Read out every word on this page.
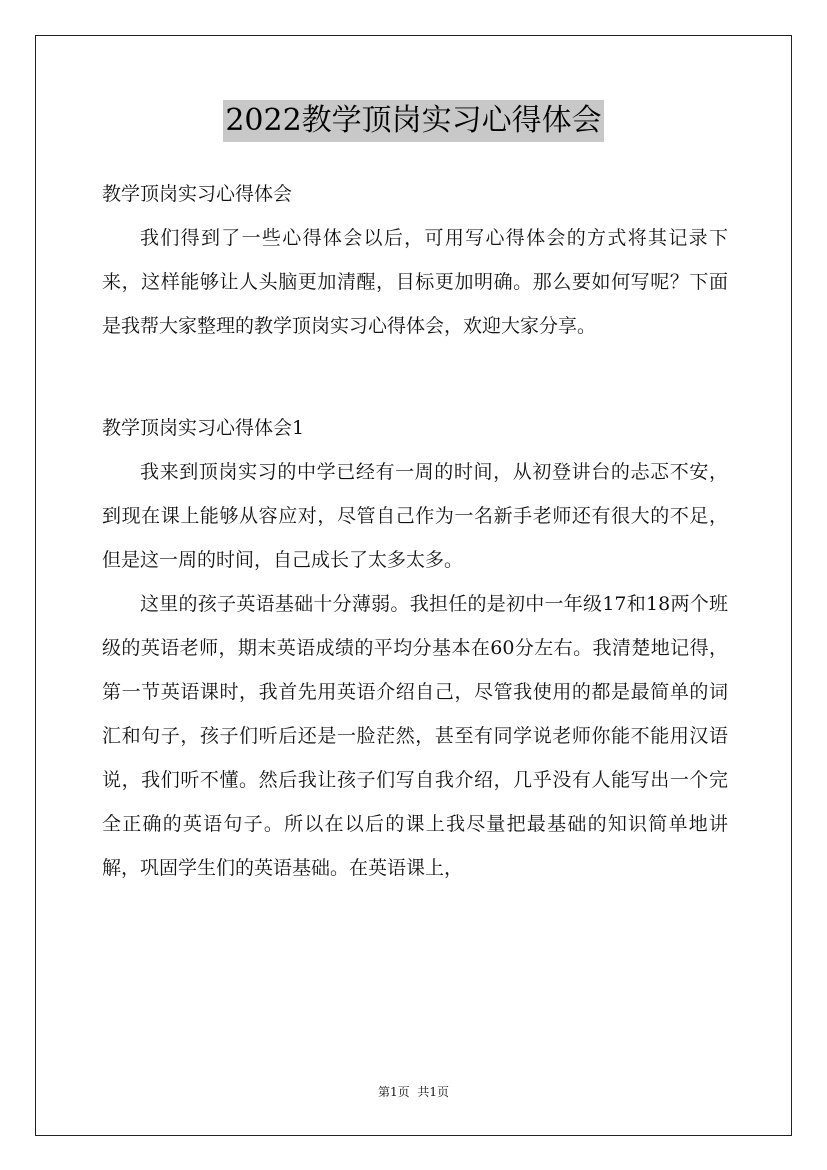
2022教学顶岗实习心得体会

教学顶岗实习心得体会

我们得到了一些心得体会以后，可用写心得体会的方式将其记录下来，这样能够让人头脑更加清醒，目标更加明确。那么要如何写呢？下面是我帮大家整理的教学顶岗实习心得体会，欢迎大家分享。

教学顶岗实习心得体会1

我来到顶岗实习的中学已经有一周的时间，从初登讲台的忐忑不安，到现在课上能够从容应对，尽管自己作为一名新手老师还有很大的不足，但是这一周的时间，自己成长了太多太多。

这里的孩子英语基础十分薄弱。我担任的是初中一年级17和18两个班级的英语老师，期末英语成绩的平均分基本在60分左右。我清楚地记得，第一节英语课时，我首先用英语介绍自己，尽管我使用的都是最简单的词汇和句子，孩子们听后还是一脸茫然，甚至有同学说老师你能不能用汉语说，我们听不懂。然后我让孩子们写自我介绍，几乎没有人能写出一个完全正确的英语句子。所以在以后的课上我尽量把最基础的知识简单地讲解，巩固学生们的英语基础。在英语课上，

第1页 共1页
